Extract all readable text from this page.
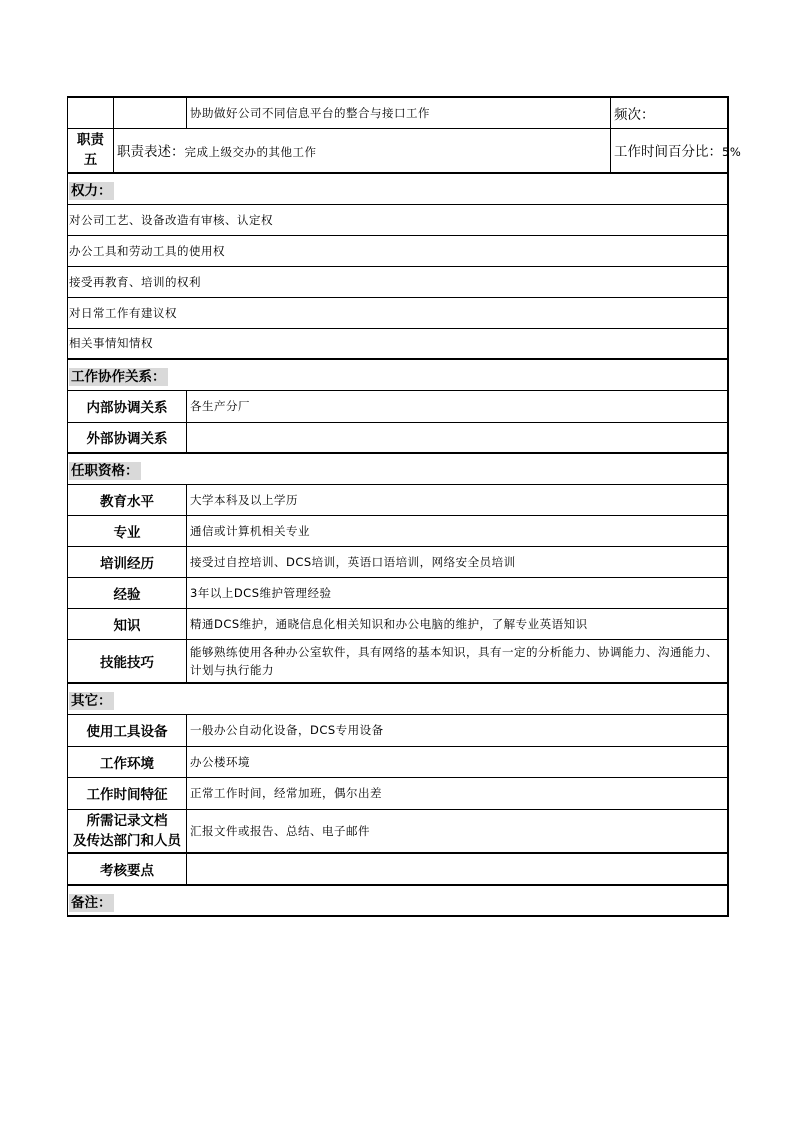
		协助做好公司不同信息平台的整合与接口工作	频次：
职责
五	职责表述：完成上级交办的其他工作		工作时间百分比：5%
权力：			
对公司工艺、设备改造有审核、认定权			
办公工具和劳动工具的使用权			
接受再教育、培训的权利			
对日常工作有建议权			
相关事情知情权			
工作协作关系：			
内部协调关系		各生产分厂	
外部协调关系			
任职资格：			
教育水平		大学本科及以上学历	
专业		通信或计算机相关专业	
培训经历		接受过自控培训、DCS培训，英语口语培训，网络安全员培训	
经验		3年以上DCS维护管理经验	
知识		精通DCS维护，通晓信息化相关知识和办公电脑的维护，了解专业英语知识	
技能技巧		能够熟练使用各种办公室软件，具有网络的基本知识，具有一定的分析能力、协调能力、沟通能力、计划与执行能力	
其它：			
使用工具设备		一般办公自动化设备，DCS专用设备	
工作环境		办公楼环境	
工作时间特征		正常工作时间，经常加班，偶尔出差	
所需记录文档
及传达部门和人员		汇报文件或报告、总结、电子邮件	
考核要点			
备注：			
